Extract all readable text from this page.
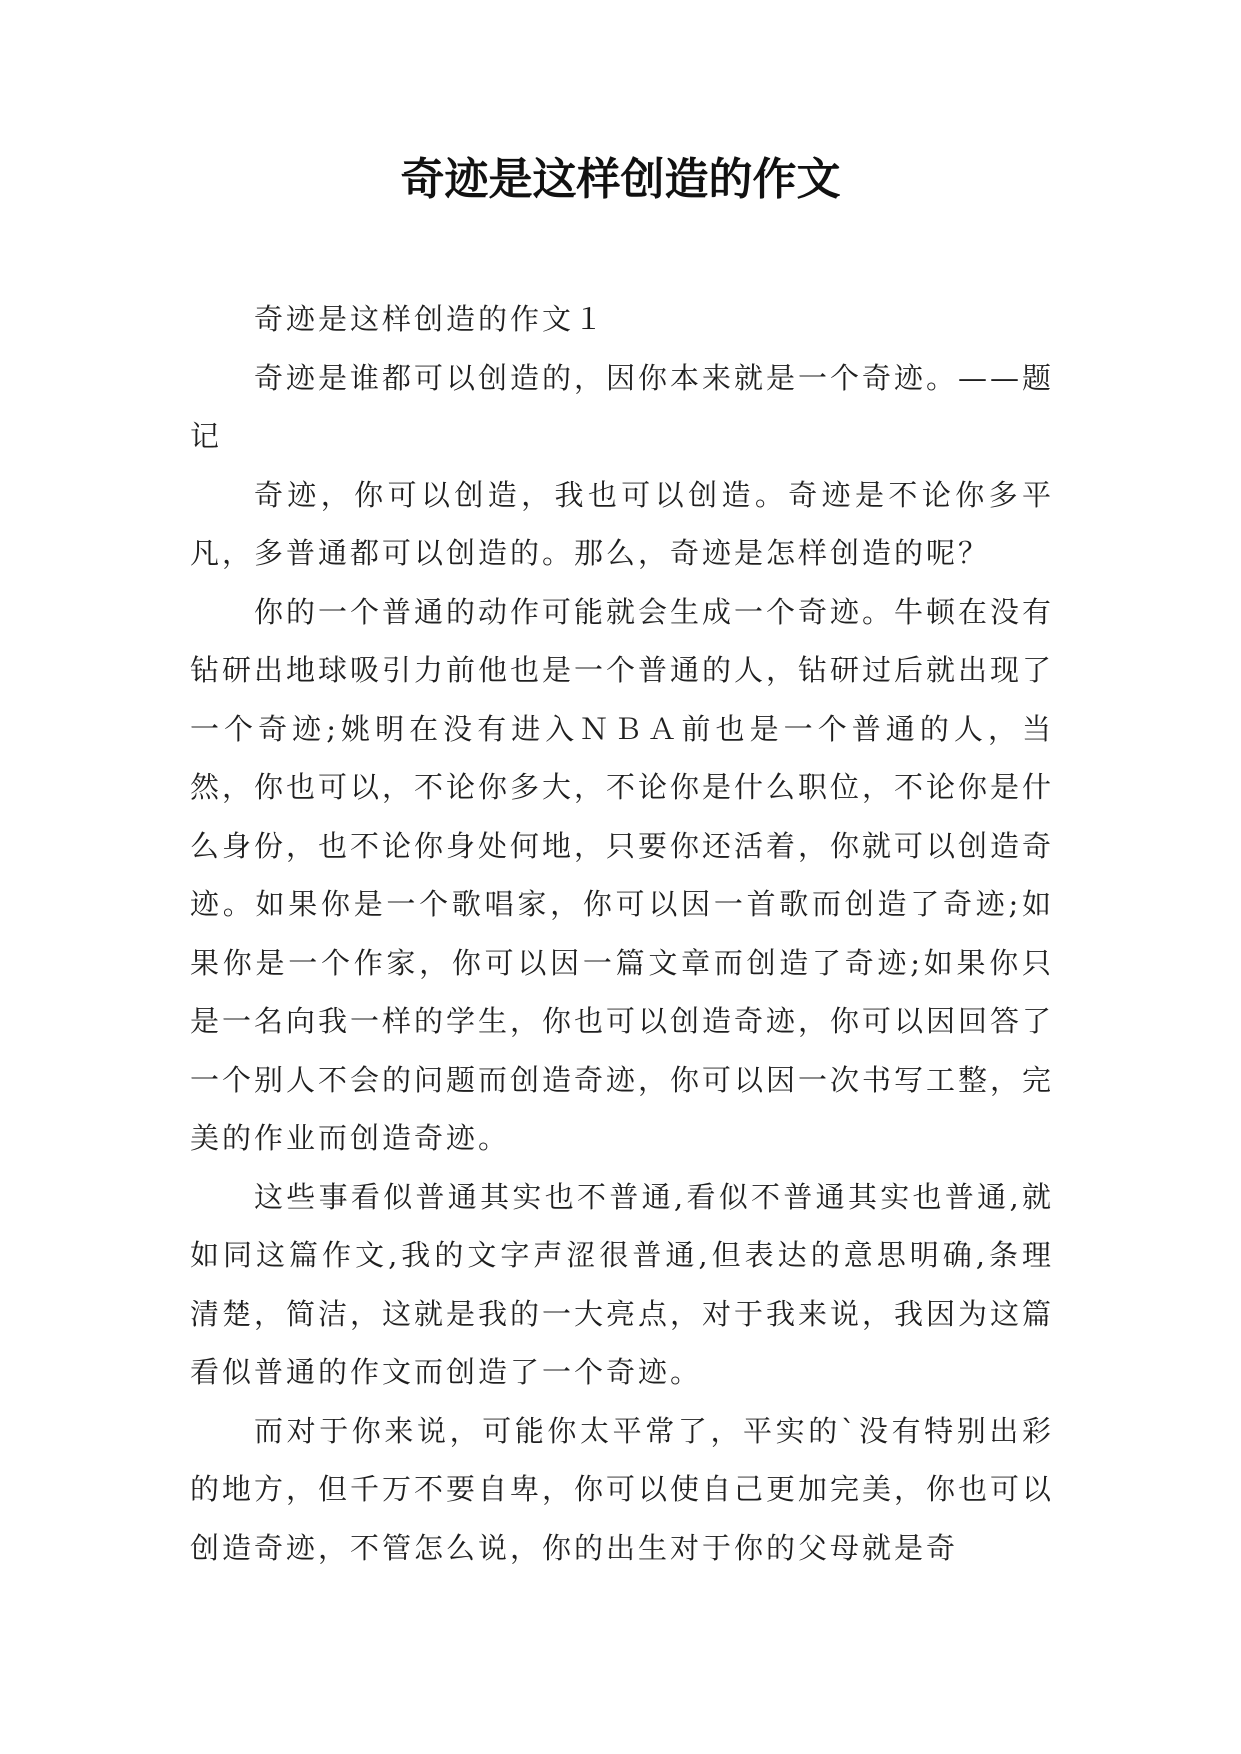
奇迹是这样创造的作文

奇迹是这样创造的作文１

奇迹是谁都可以创造的，因你本来就是一个奇迹。——题记

奇迹，你可以创造，我也可以创造。奇迹是不论你多平凡，多普通都可以创造的。那么，奇迹是怎样创造的呢？

你的一个普通的动作可能就会生成一个奇迹。牛顿在没有钻研出地球吸引力前他也是一个普通的人，钻研过后就出现了一个奇迹;姚明在没有进入ＮＢＡ前也是一个普通的人，当然，你也可以，不论你多大，不论你是什么职位，不论你是什么身份，也不论你身处何地，只要你还活着，你就可以创造奇迹。如果你是一个歌唱家，你可以因一首歌而创造了奇迹;如果你是一个作家，你可以因一篇文章而创造了奇迹;如果你只是一名向我一样的学生，你也可以创造奇迹，你可以因回答了一个别人不会的问题而创造奇迹，你可以因一次书写工整，完美的作业而创造奇迹。

这些事看似普通其实也不普通,看似不普通其实也普通,就如同这篇作文,我的文字声涩很普通,但表达的意思明确,条理清楚，简洁，这就是我的一大亮点，对于我来说，我因为这篇看似普通的作文而创造了一个奇迹。

而对于你来说，可能你太平常了，平实的`没有特别出彩的地方，但千万不要自卑，你可以使自己更加完美，你也可以创造奇迹，不管怎么说，你的出生对于你的父母就是奇
